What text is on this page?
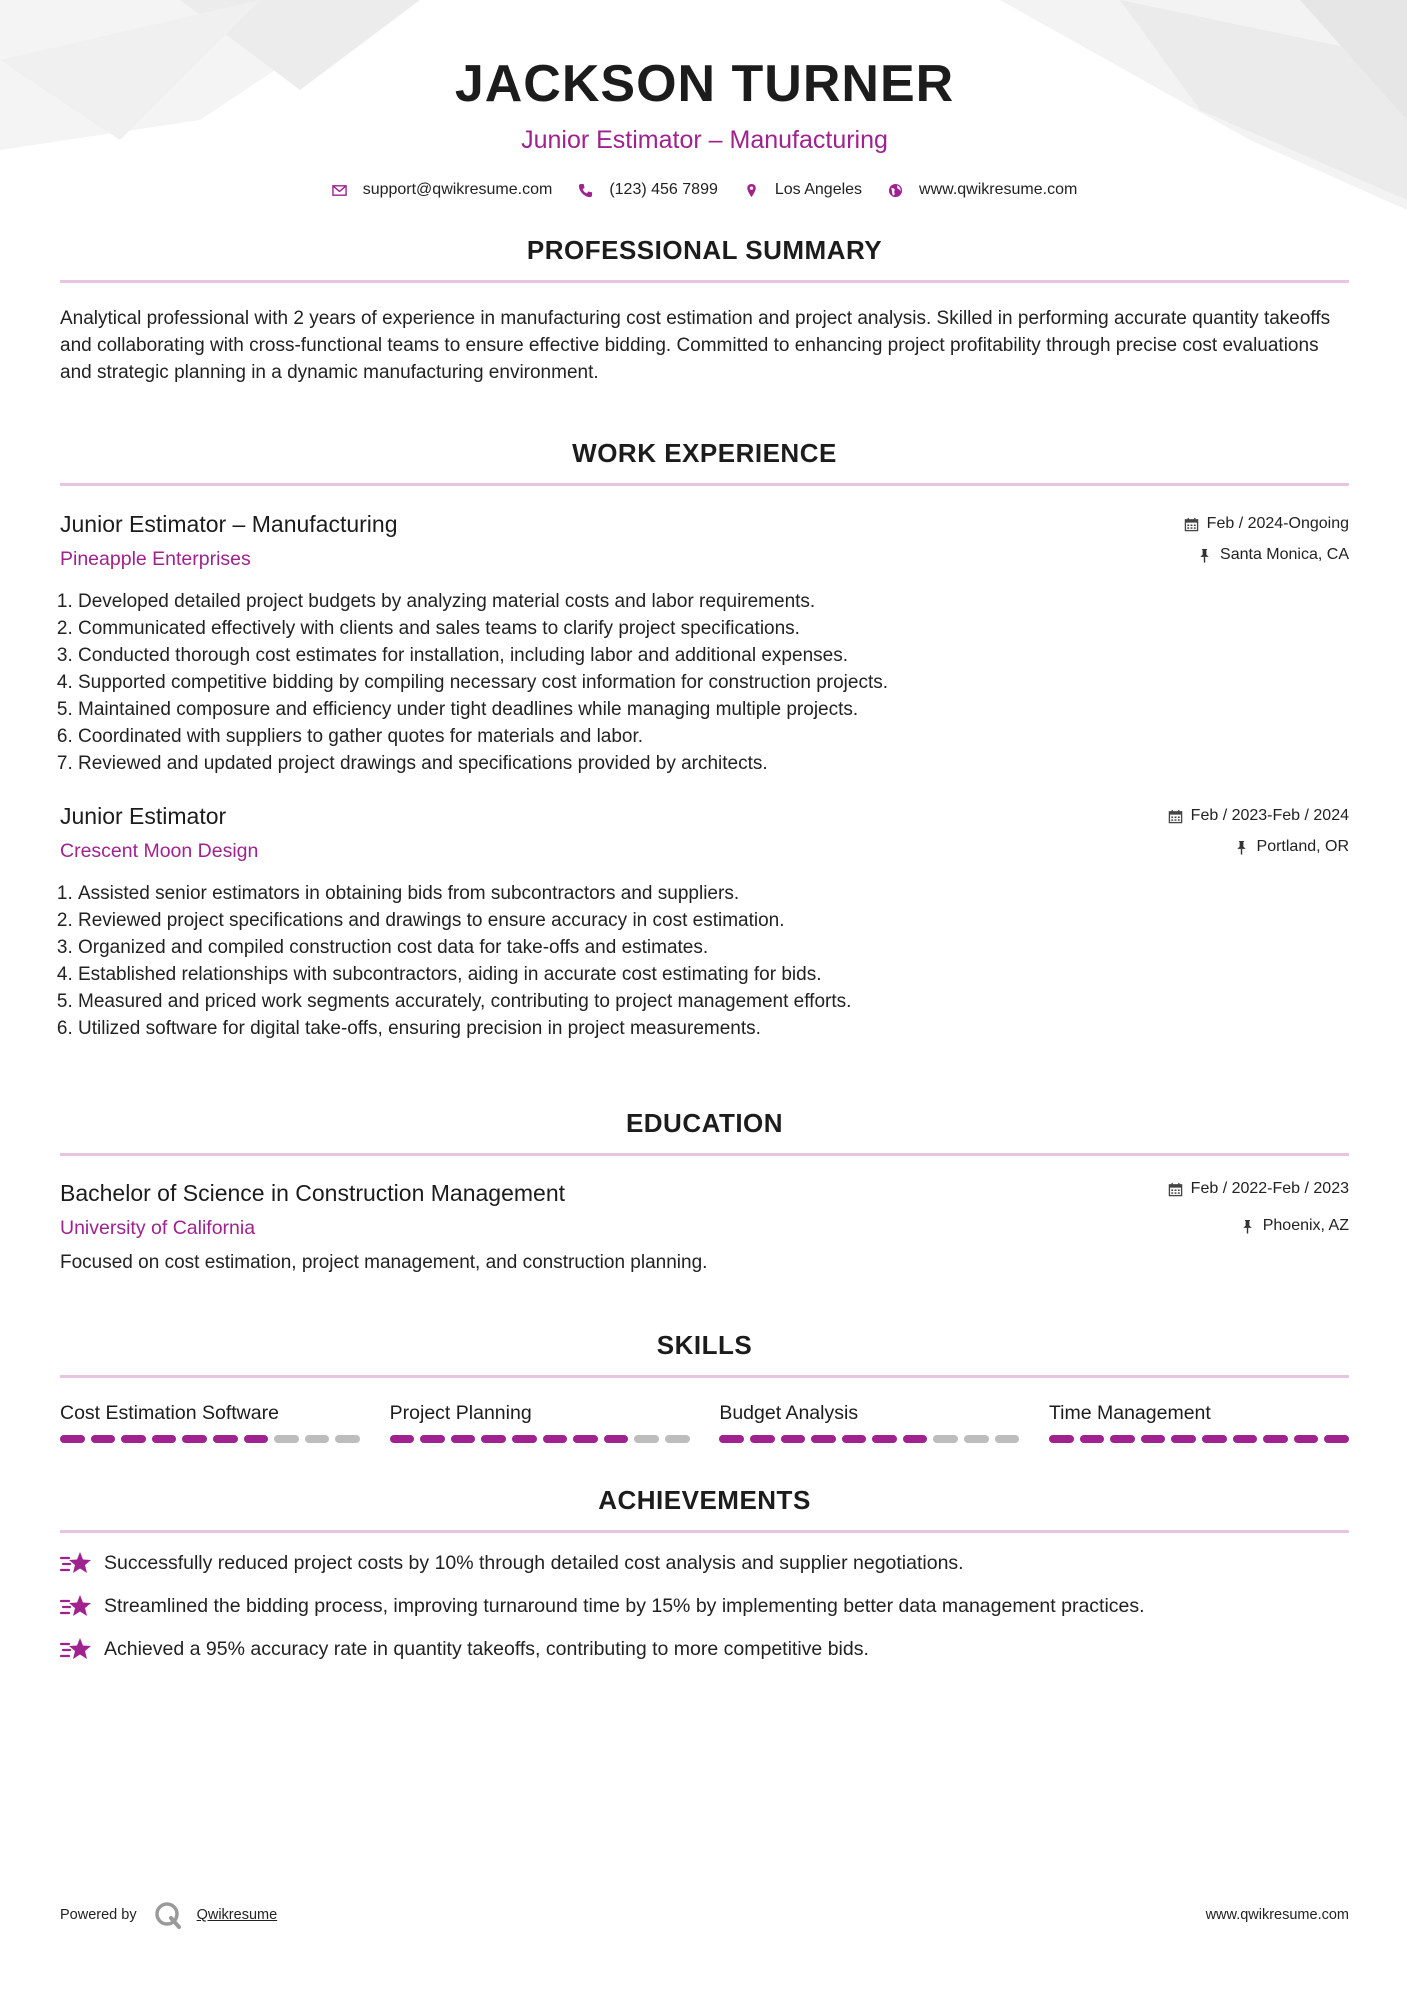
JACKSON TURNER
Junior Estimator – Manufacturing
support@qwikresume.com	(123) 456 7899	Los Angeles	www.qwikresume.com
PROFESSIONAL SUMMARY

Analytical professional with 2 years of experience in manufacturing cost estimation and project analysis. Skilled in performing accurate quantity takeoffs and collaborating with cross-functional teams to ensure effective bidding. Committed to enhancing project profitability through precise cost evaluations and strategic planning in a dynamic manufacturing environment.

WORK EXPERIENCE
Junior Estimator – Manufacturing
Pineapple Enterprises
Feb / 2024-Ongoing
Santa Monica, CA
1. Developed detailed project budgets by analyzing material costs and labor requirements.
2. Communicated effectively with clients and sales teams to clarify project specifications.
3. Conducted thorough cost estimates for installation, including labor and additional expenses.
4. Supported competitive bidding by compiling necessary cost information for construction projects.
5. Maintained composure and efficiency under tight deadlines while managing multiple projects.
6. Coordinated with suppliers to gather quotes for materials and labor.
7. Reviewed and updated project drawings and specifications provided by architects.
Junior Estimator
Crescent Moon Design
Feb / 2023-Feb / 2024
Portland, OR
1. Assisted senior estimators in obtaining bids from subcontractors and suppliers.
2. Reviewed project specifications and drawings to ensure accuracy in cost estimation.
3. Organized and compiled construction cost data for take-offs and estimates.
4. Established relationships with subcontractors, aiding in accurate cost estimating for bids.
5. Measured and priced work segments accurately, contributing to project management efforts.
6. Utilized software for digital take-offs, ensuring precision in project measurements.
EDUCATION
Bachelor of Science in Construction Management
University of California
Feb / 2022-Feb / 2023
Phoenix, AZ
Focused on cost estimation, project management, and construction planning.
SKILLS
Cost Estimation Software	Project Planning	Budget Analysis	Time Management
ACHIEVEMENTS
Successfully reduced project costs by 10% through detailed cost analysis and supplier negotiations.
Streamlined the bidding process, improving turnaround time by 15% by implementing better data management practices.
Achieved a 95% accuracy rate in quantity takeoffs, contributing to more competitive bids.
Powered by	Qwikresume	www.qwikresume.com
